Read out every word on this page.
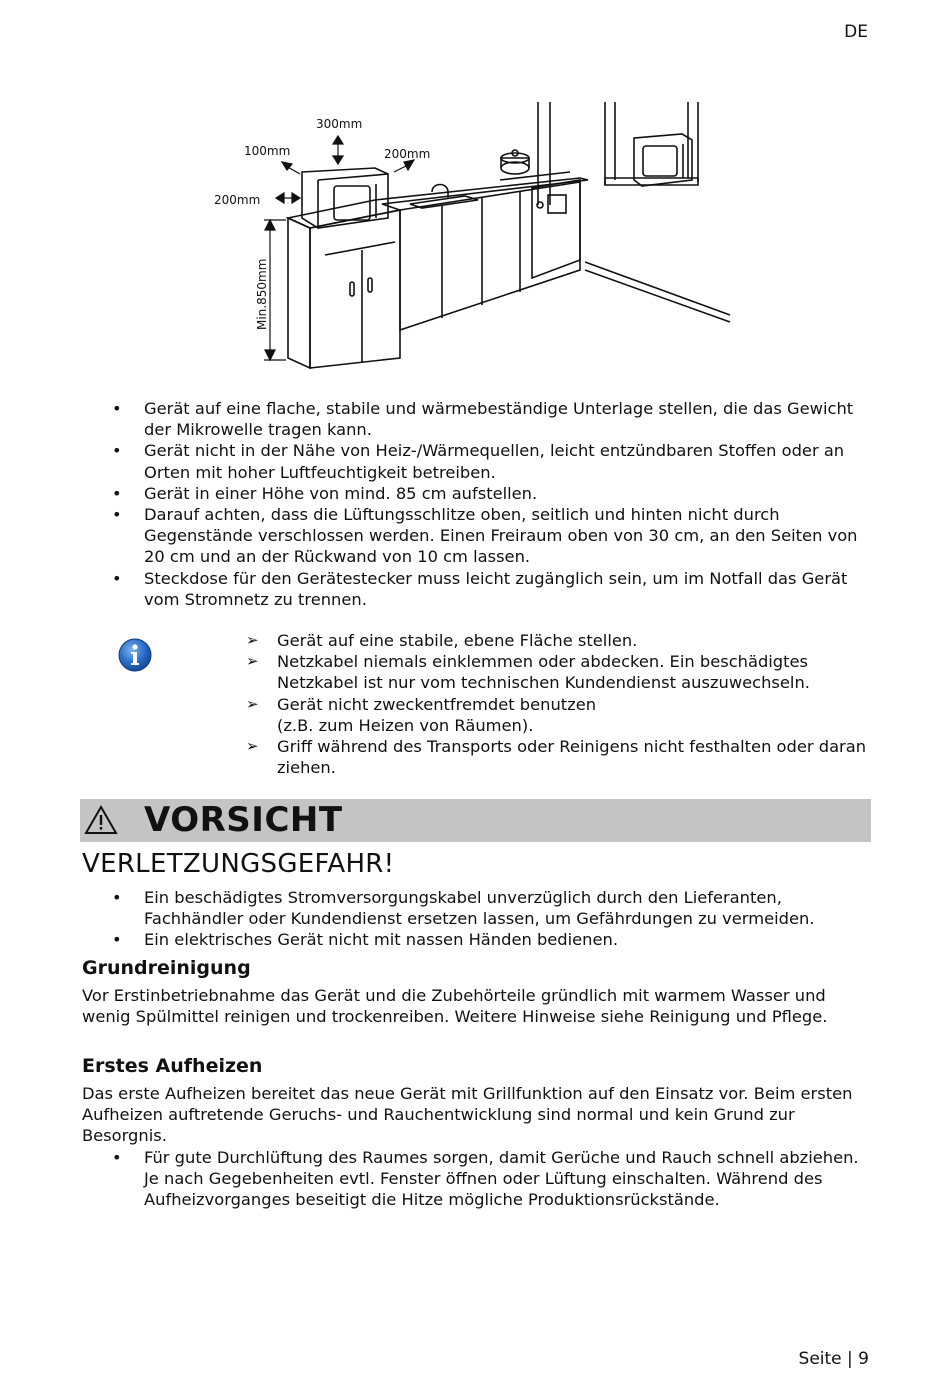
DE
300mm
100mm	200mm
200mm
Min.850mm
• Gerät auf eine flache, stabile und wärmebeständige Unterlage stellen, die das Gewicht der Mikrowelle tragen kann.
• Gerät nicht in der Nähe von Heiz-/Wärmequellen, leicht entzündbaren Stoffen oder an Orten mit hoher Luftfeuchtigkeit betreiben.
• Gerät in einer Höhe von mind. 85 cm aufstellen.
• Darauf achten, dass die Lüftungsschlitze oben, seitlich und hinten nicht durch Gegenstände verschlossen werden. Einen Freiraum oben von 30 cm, an den Seiten von 20 cm und an der Rückwand von 10 cm lassen.
• Steckdose für den Gerätestecker muss leicht zugänglich sein, um im Notfall das Gerät vom Stromnetz zu trennen.
➢ Gerät auf eine stabile, ebene Fläche stellen.
➢ Netzkabel niemals einklemmen oder abdecken. Ein beschädigtes Netzkabel ist nur vom technischen Kundendienst auszuwechseln.
➢ Gerät nicht zweckentfremdet benutzen
(z.B. zum Heizen von Räumen).
➢ Griff während des Transports oder Reinigens nicht festhalten oder daran ziehen.
VORSICHT
VERLETZUNGSGEFAHR!
• Ein beschädigtes Stromversorgungskabel unverzüglich durch den Lieferanten, Fachhändler oder Kundendienst ersetzen lassen, um Gefährdungen zu vermeiden.
• Ein elektrisches Gerät nicht mit nassen Händen bedienen.
Grundreinigung

Vor Erstinbetriebnahme das Gerät und die Zubehörteile gründlich mit warmem Wasser und wenig Spülmittel reinigen und trockenreiben. Weitere Hinweise siehe Reinigung und Pflege.

Erstes Aufheizen

Das erste Aufheizen bereitet das neue Gerät mit Grillfunktion auf den Einsatz vor. Beim ersten Aufheizen auftretende Geruchs- und Rauchentwicklung sind normal und kein Grund zur Besorgnis.

• Für gute Durchlüftung des Raumes sorgen, damit Gerüche und Rauch schnell abziehen. Je nach Gegebenheiten evtl. Fenster öffnen oder Lüftung einschalten. Während des Aufheizvorganges beseitigt die Hitze mögliche Produktionsrückstände.
Seite | 9
